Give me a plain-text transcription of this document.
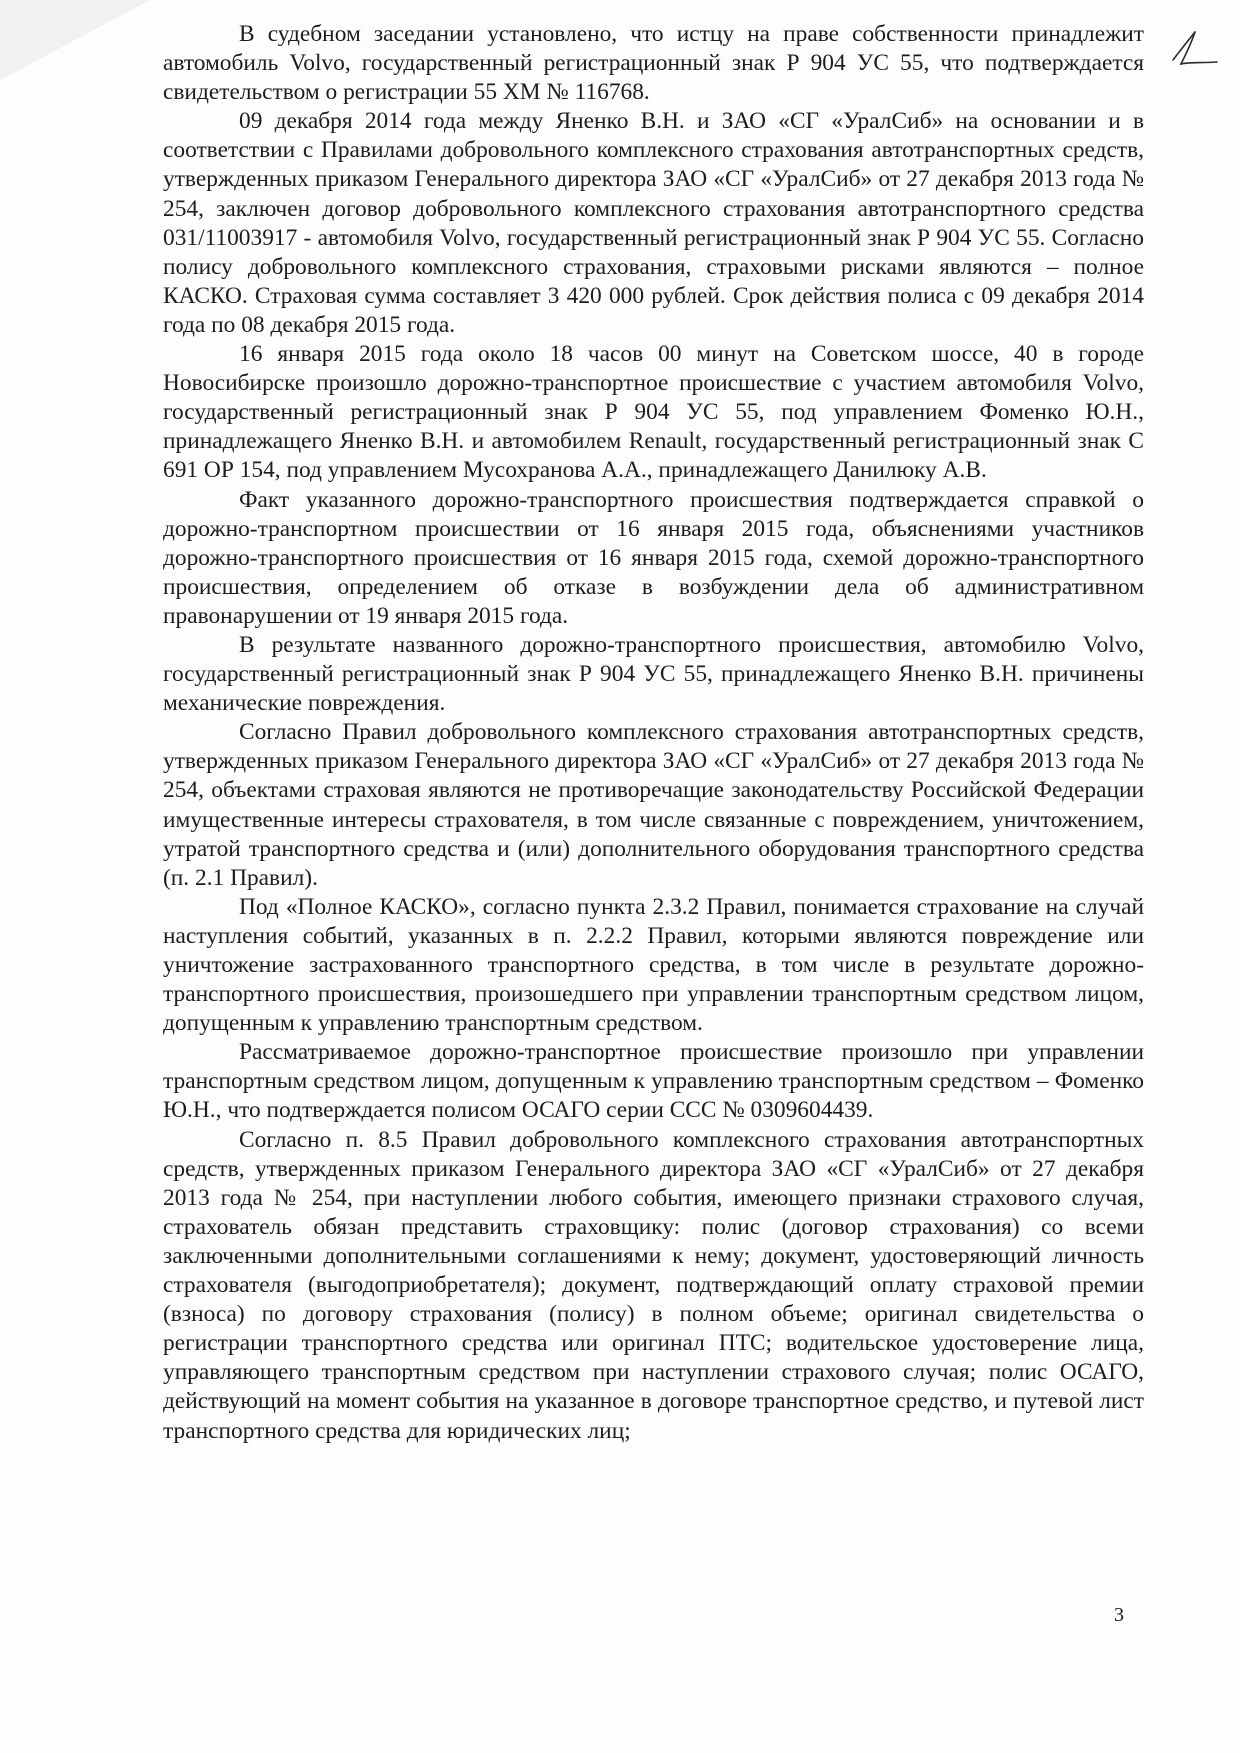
В судебном заседании установлено, что истцу на праве собственности принадлежит автомобиль Volvo, государственный регистрационный знак Р 904 УС 55, что подтверждается свидетельством о регистрации 55 ХМ № 116768.

09 декабря 2014 года между Яненко В.Н. и ЗАО «СГ «УралСиб» на основании и в соответствии с Правилами добровольного комплексного страхования автотранспортных средств, утвержденных приказом Генерального директора ЗАО «СГ «УралСиб» от 27 декабря 2013 года № 254, заключен договор добровольного комплексного страхования автотранспортного средства 031/11003917 - автомобиля Volvo, государственный регистрационный знак Р 904 УС 55. Согласно полису добровольного комплексного страхования, страховыми рисками являются – полное КАСКО. Страховая сумма составляет 3 420 000 рублей. Срок действия полиса с 09 декабря 2014 года по 08 декабря 2015 года.

16 января 2015 года около 18 часов 00 минут на Советском шоссе, 40 в городе Новосибирске произошло дорожно-транспортное происшествие с участием автомобиля Volvo, государственный регистрационный знак Р 904 УС 55, под управлением Фоменко Ю.Н., принадлежащего Яненко В.Н. и автомобилем Renault, государственный регистрационный знак С 691 ОР 154, под управлением Мусохранова А.А., принадлежащего Данилюку А.В.

Факт указанного дорожно-транспортного происшествия подтверждается справкой о дорожно-транспортном происшествии от 16 января 2015 года, объяснениями участников дорожно-транспортного происшествия от 16 января 2015 года, схемой дорожно-транспортного происшествия, определением об отказе в возбуждении дела об административном правонарушении от 19 января 2015 года.

В результате названного дорожно-транспортного происшествия, автомобилю Volvo, государственный регистрационный знак Р 904 УС 55, принадлежащего Яненко В.Н. причинены механические повреждения.

Согласно Правил добровольного комплексного страхования автотранспортных средств, утвержденных приказом Генерального директора ЗАО «СГ «УралСиб» от 27 декабря 2013 года № 254, объектами страховая являются не противоречащие законодательству Российской Федерации имущественные интересы страхователя, в том числе связанные с повреждением, уничтожением, утратой транспортного средства и (или) дополнительного оборудования транспортного средства (п. 2.1 Правил).

Под «Полное КАСКО», согласно пункта 2.3.2 Правил, понимается страхование на случай наступления событий, указанных в п. 2.2.2 Правил, которыми являются повреждение или уничтожение застрахованного транспортного средства, в том числе в результате дорожно-транспортного происшествия, произошедшего при управлении транспортным средством лицом, допущенным к управлению транспортным средством.

Рассматриваемое дорожно-транспортное происшествие произошло при управлении транспортным средством лицом, допущенным к управлению транспортным средством – Фоменко Ю.Н., что подтверждается полисом ОСАГО серии ССС № 0309604439.

Согласно п. 8.5 Правил добровольного комплексного страхования автотранспортных средств, утвержденных приказом Генерального директора ЗАО «СГ «УралСиб» от 27 декабря 2013 года № 254, при наступлении любого события, имеющего признаки страхового случая, страхователь обязан представить страховщику: полис (договор страхования) со всеми заключенными дополнительными соглашениями к нему; документ, удостоверяющий личность страхователя (выгодоприобретателя); документ, подтверждающий оплату страховой премии (взноса) по договору страхования (полису) в полном объеме; оригинал свидетельства о регистрации транспортного средства или оригинал ПТС; водительское удостоверение лица, управляющего транспортным средством при наступлении страхового случая; полис ОСАГО, действующий на момент события на указанное в договоре транспортное средство, и путевой лист транспортного средства для юридических лиц;

3
